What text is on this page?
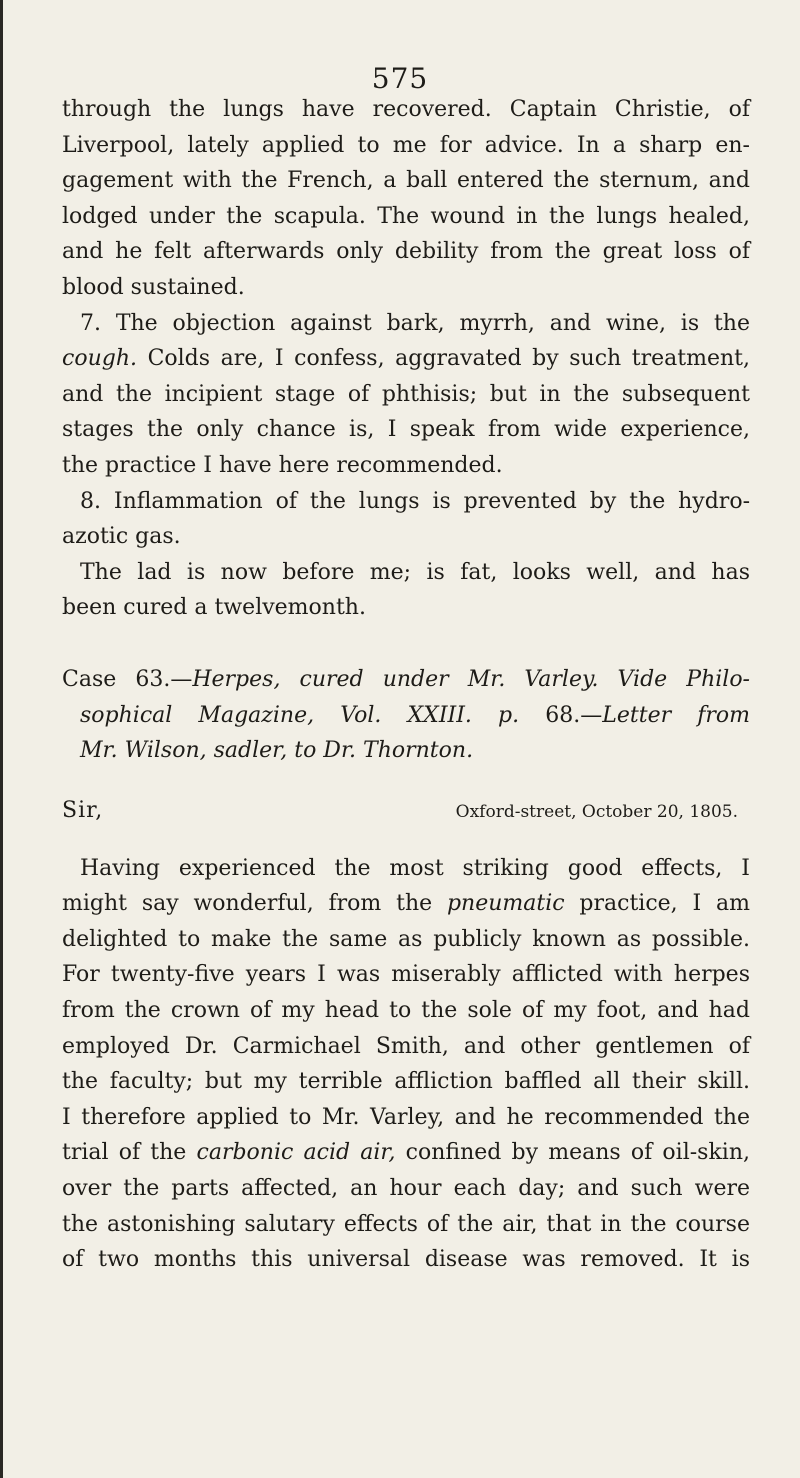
575
through the lungs have recovered. Captain Christie, of
Liverpool, lately applied to me for advice. In a sharp en-
gagement with the French, a ball entered the sternum, and
lodged under the scapula. The wound in the lungs healed,
and he felt afterwards only debility from the great loss of
blood sustained.
7. The objection against bark, myrrh, and wine, is the
cough. Colds are, I confess, aggravated by such treatment,
and the incipient stage of phthisis; but in the subsequent
stages the only chance is, I speak from wide experience,
the practice I have here recommended.
8. Inflammation of the lungs is prevented by the hydro-
azotic gas.
The lad is now before me; is fat, looks well, and has
been cured a twelvemonth.
Case 63.—Herpes, cured under Mr. Varley. Vide Philo-
sophical Magazine, Vol. XXIII. p. 68.—Letter from
Mr. Wilson, sadler, to Dr. Thornton.
Sir,	Oxford-street, October 20, 1805.
Having experienced the most striking good effects, I
might say wonderful, from the pneumatic practice, I am
delighted to make the same as publicly known as possible.
For twenty-five years I was miserably afflicted with herpes
from the crown of my head to the sole of my foot, and had
employed Dr. Carmichael Smith, and other gentlemen of
the faculty; but my terrible affliction baffled all their skill.
I therefore applied to Mr. Varley, and he recommended the
trial of the carbonic acid air, confined by means of oil-skin,
over the parts affected, an hour each day; and such were
the astonishing salutary effects of the air, that in the course
of two months this universal disease was removed. It is
